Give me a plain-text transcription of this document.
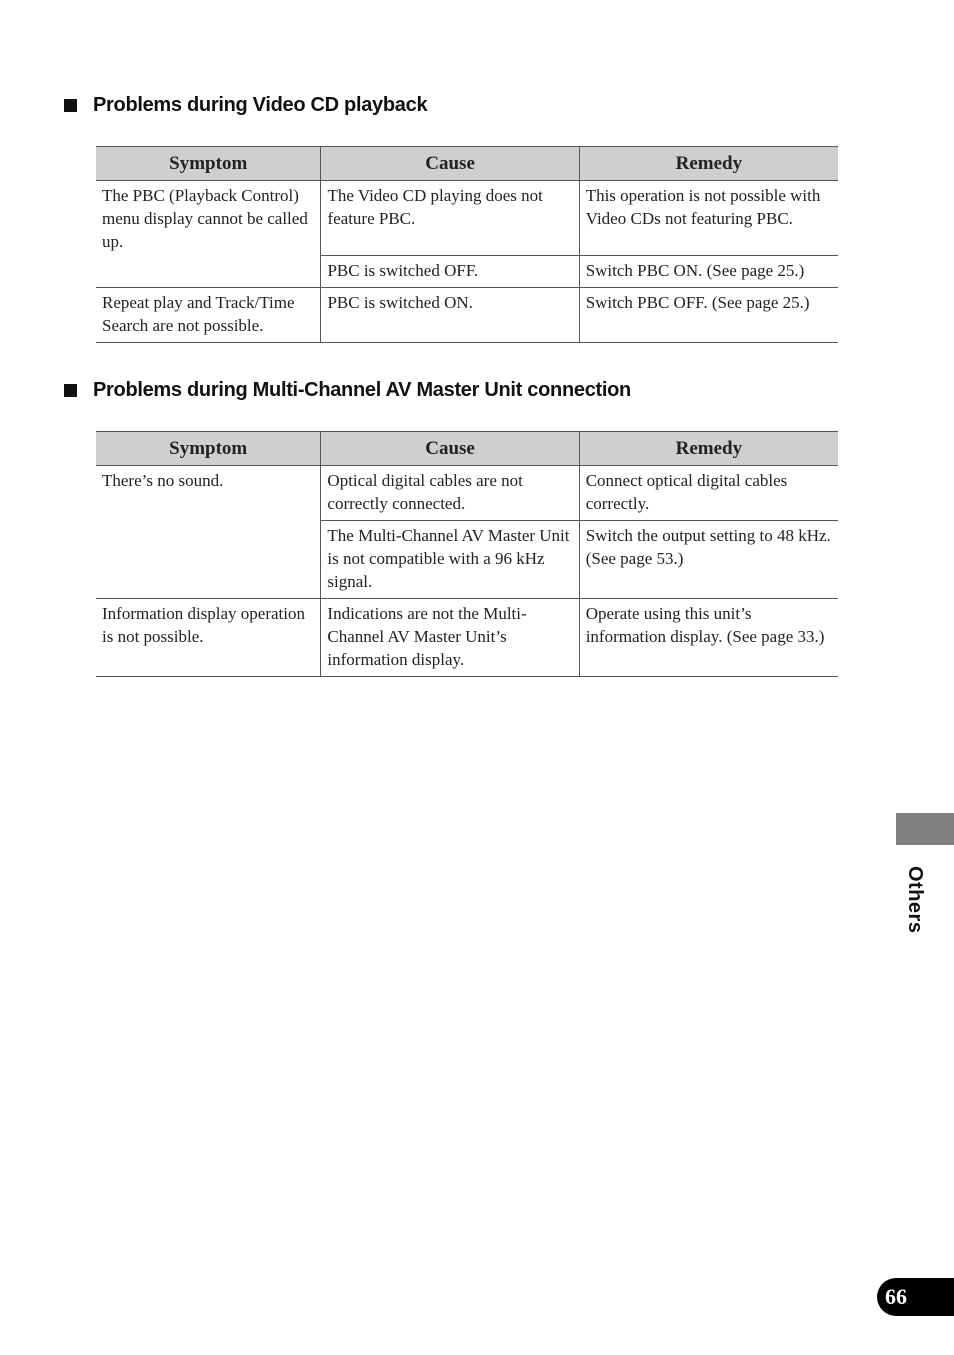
Problems during Video CD playback
Symptom	Cause	Remedy
The PBC (Playback Control) menu display cannot be called up.	The Video CD playing does not feature PBC.	This operation is not possible with Video CDs not featuring PBC.
	PBC is switched OFF.	Switch PBC ON. (See page 25.)
Repeat play and Track/Time Search are not possible.	PBC is switched ON.	Switch PBC OFF. (See page 25.)
Problems during Multi-Channel AV Master Unit connection
Symptom	Cause	Remedy
There’s no sound.	Optical digital cables are not correctly connected.	Connect optical digital cables correctly.
	The Multi-Channel AV Master Unit is not compatible with a 96 kHz signal.	Switch the output setting to 48 kHz. (See page 53.)
Information display operation is not possible.	Indications are not the Multi-Channel AV Master Unit’s information display.	Operate using this unit’s information display. (See page 33.)
Others
66
